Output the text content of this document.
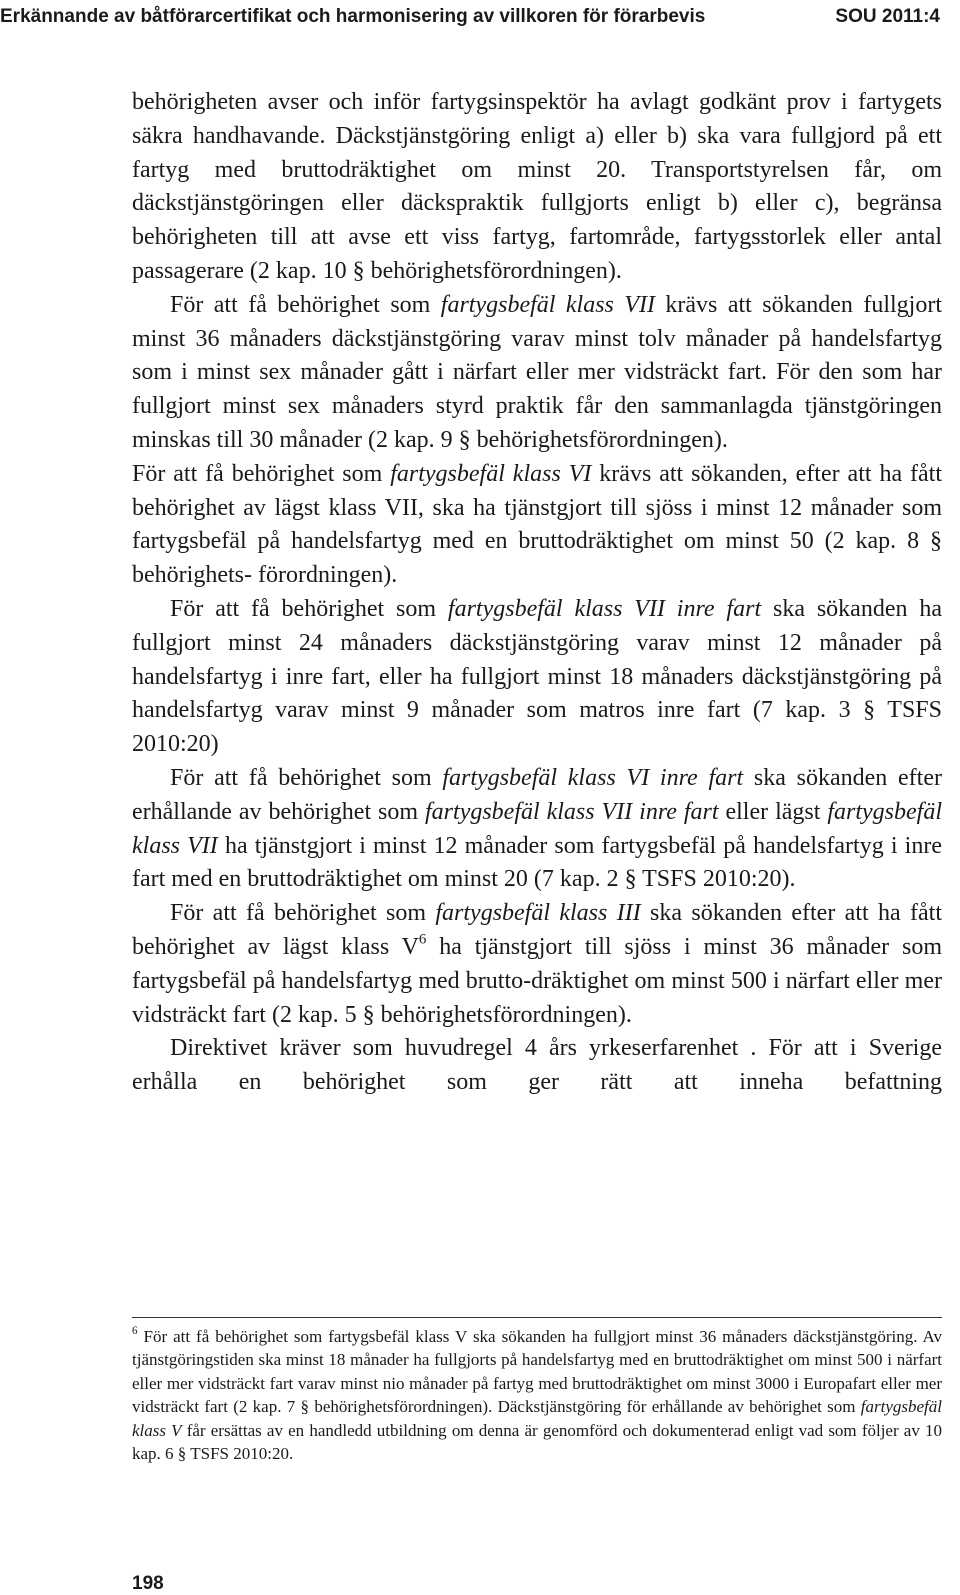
Erkännande av båtförarcertifikat och harmonisering av villkoren för förarbevis	SOU 2011:4

behörigheten avser och inför fartygsinspektör ha avlagt godkänt prov i fartygets säkra handhavande. Däckstjänstgöring enligt a) eller b) ska vara fullgjord på ett fartyg med bruttodräktighet om minst 20. Transportstyrelsen får, om däckstjänstgöringen eller däckspraktik fullgjorts enligt b) eller c), begränsa behörigheten till att avse ett viss fartyg, fartområde, fartygsstorlek eller antal passagerare (2 kap. 10 § behörighetsförordningen).

För att få behörighet som fartygsbefäl klass VII krävs att sökanden fullgjort minst 36 månaders däckstjänstgöring varav minst tolv månader på handelsfartyg som i minst sex månader gått i närfart eller mer vidsträckt fart. För den som har fullgjort minst sex månaders styrd praktik får den sammanlagda tjänstgöringen minskas till 30 månader (2 kap. 9 § behörighetsförordningen).

För att få behörighet som fartygsbefäl klass VI krävs att sökanden, efter att ha fått behörighet av lägst klass VII, ska ha tjänstgjort till sjöss i minst 12 månader som fartygsbefäl på handelsfartyg med en bruttodräktighet om minst 50 (2 kap. 8 § behörighets- förordningen).

För att få behörighet som fartygsbefäl klass VII inre fart ska sökanden ha fullgjort minst 24 månaders däckstjänstgöring varav minst 12 månader på handelsfartyg i inre fart, eller ha fullgjort minst 18 månaders däckstjänstgöring på handelsfartyg varav minst 9 månader som matros inre fart (7 kap. 3 § TSFS 2010:20)

För att få behörighet som fartygsbefäl klass VI inre fart ska sökanden efter erhållande av behörighet som fartygsbefäl klass VII inre fart eller lägst fartygsbefäl klass VII ha tjänstgjort i minst 12 månader som fartygsbefäl på handelsfartyg i inre fart med en bruttodräktighet om minst 20 (7 kap. 2 § TSFS 2010:20).

För att få behörighet som fartygsbefäl klass III ska sökanden efter att ha fått behörighet av lägst klass $V^6$ ha tjänstgjort till sjöss i minst 36 månader som fartygsbefäl på handelsfartyg med brutto-dräktighet om minst 500 i närfart eller mer vidsträckt fart (2 kap. 5 § behörighetsförordningen).

Direktivet kräver som huvudregel 4 års yrkeserfarenhet . För att i Sverige erhålla en behörighet som ger rätt att inneha befattning

$^6$ För att få behörighet som fartygsbefäl klass V ska sökanden ha fullgjort minst 36 månaders däckstjänstgöring. Av tjänstgöringstiden ska minst 18 månader ha fullgjorts på handelsfartyg med en bruttodräktighet om minst 500 i närfart eller mer vidsträckt fart varav minst nio månader på fartyg med bruttodräktighet om minst 3000 i Europafart eller mer vidsträckt fart (2 kap. 7 § behörighetsförordningen). Däckstjänstgöring för erhållande av behörighet som fartygsbefäl klass V får ersättas av en handledd utbildning om denna är genomförd och dokumenterad enligt vad som följer av 10 kap. 6 § TSFS 2010:20.

198
